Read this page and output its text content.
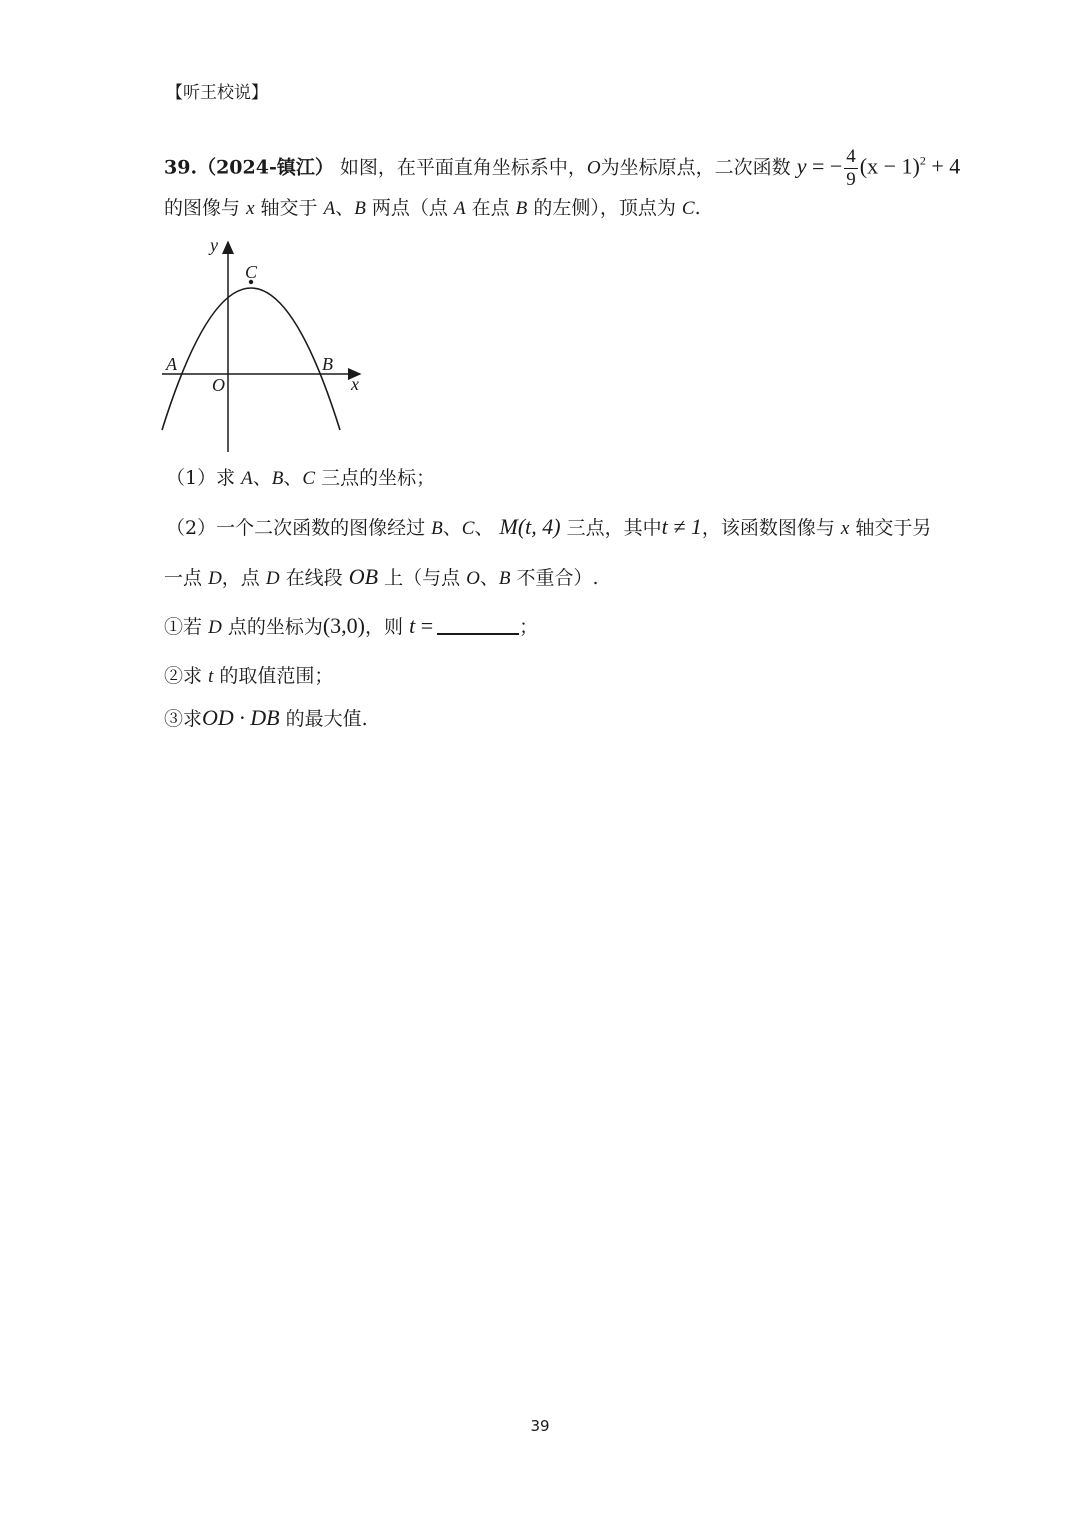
【听王校说】
39.（2024-镇江） 如图，在平面直角坐标系中，O为坐标原点，二次函数 y = − $\frac{4}{9} (x - 1)^2 + 4$
的图像与 x 轴交于 A、B 两点（点 A 在点 B 的左侧），顶点为 C.
y
x
O
A	B
C
（1）求 A、B、C 三点的坐标；
（2）一个二次函数的图像经过 B、C、 M(t, 4) 三点，其中t ≠ 1，该函数图像与 x 轴交于另
一点 D，点 D 在线段 OB 上（与点 O、B 不重合）.
①若 D 点的坐标为(3,0)，则 t =	；
②求 t 的取值范围；
③求OD · DB 的最大值.
39
